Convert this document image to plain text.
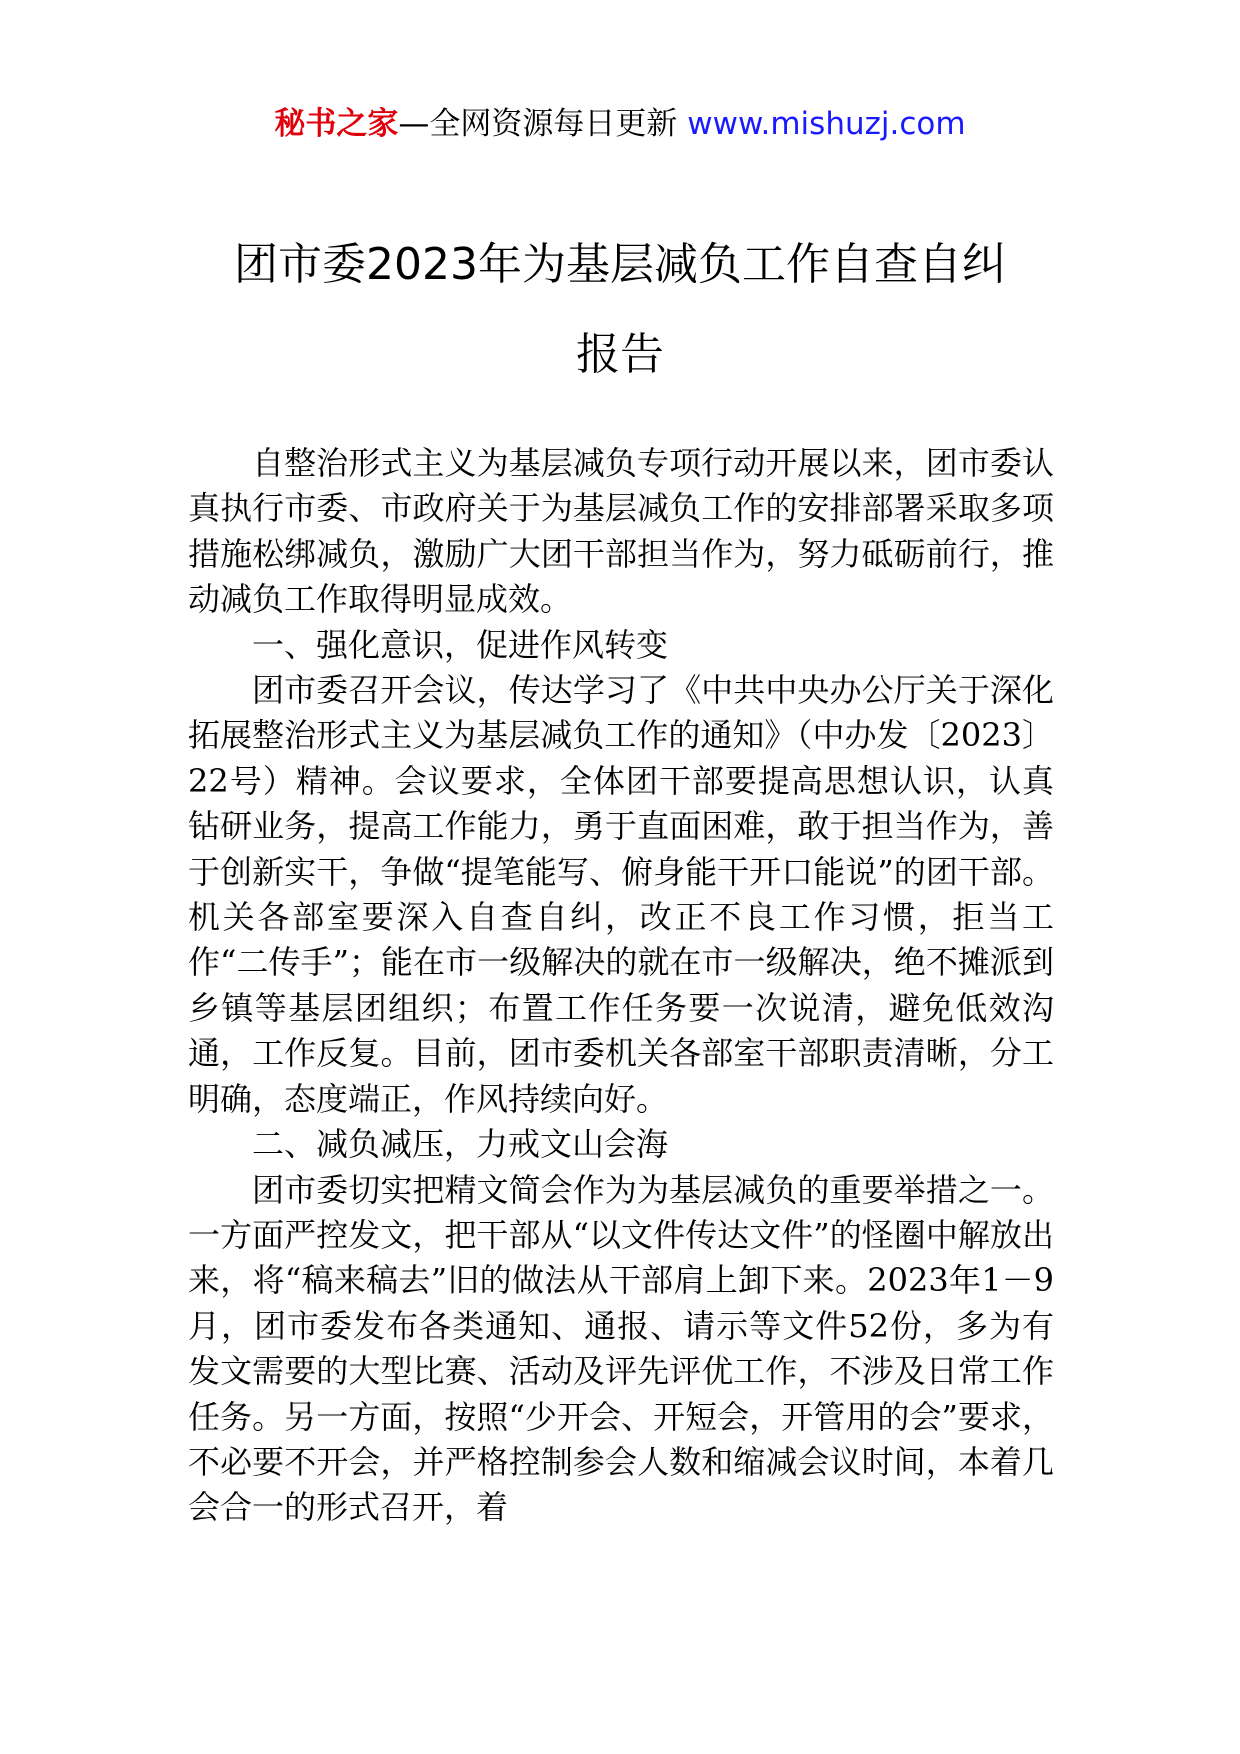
秘书之家—全网资源每日更新 www.mishuzj.com
团市委2023年为基层减负工作自查自纠
报告

自整治形式主义为基层减负专项行动开展以来，团市委认真执行市委、市政府关于为基层减负工作的安排部署采取多项措施松绑减负，激励广大团干部担当作为，努力砥砺前行，推动减负工作取得明显成效。

一、强化意识，促进作风转变

团市委召开会议，传达学习了《中共中央办公厅关于深化拓展整治形式主义为基层减负工作的通知》（中办发〔2023〕22号）精神。会议要求，全体团干部要提高思想认识，认真钻研业务，提高工作能力，勇于直面困难，敢于担当作为，善于创新实干，争做“提笔能写、俯身能干开口能说”的团干部。机关各部室要深入自查自纠，改正不良工作习惯，拒当工作“二传手”；能在市一级解决的就在市一级解决，绝不摊派到乡镇等基层团组织；布置工作任务要一次说清，避免低效沟通，工作反复。目前，团市委机关各部室干部职责清晰，分工明确，态度端正，作风持续向好。

二、减负减压，力戒文山会海

团市委切实把精文简会作为为基层减负的重要举措之一。一方面严控发文，把干部从“以文件传达文件”的怪圈中解放出来，将“稿来稿去”旧的做法从干部肩上卸下来。2023年1－9月，团市委发布各类通知、通报、请示等文件52份，多为有发文需要的大型比赛、活动及评先评优工作，不涉及日常工作任务。另一方面，按照“少开会、开短会，开管用的会”要求，不必要不开会，并严格控制参会人数和缩减会议时间，本着几会合一的形式召开，着
